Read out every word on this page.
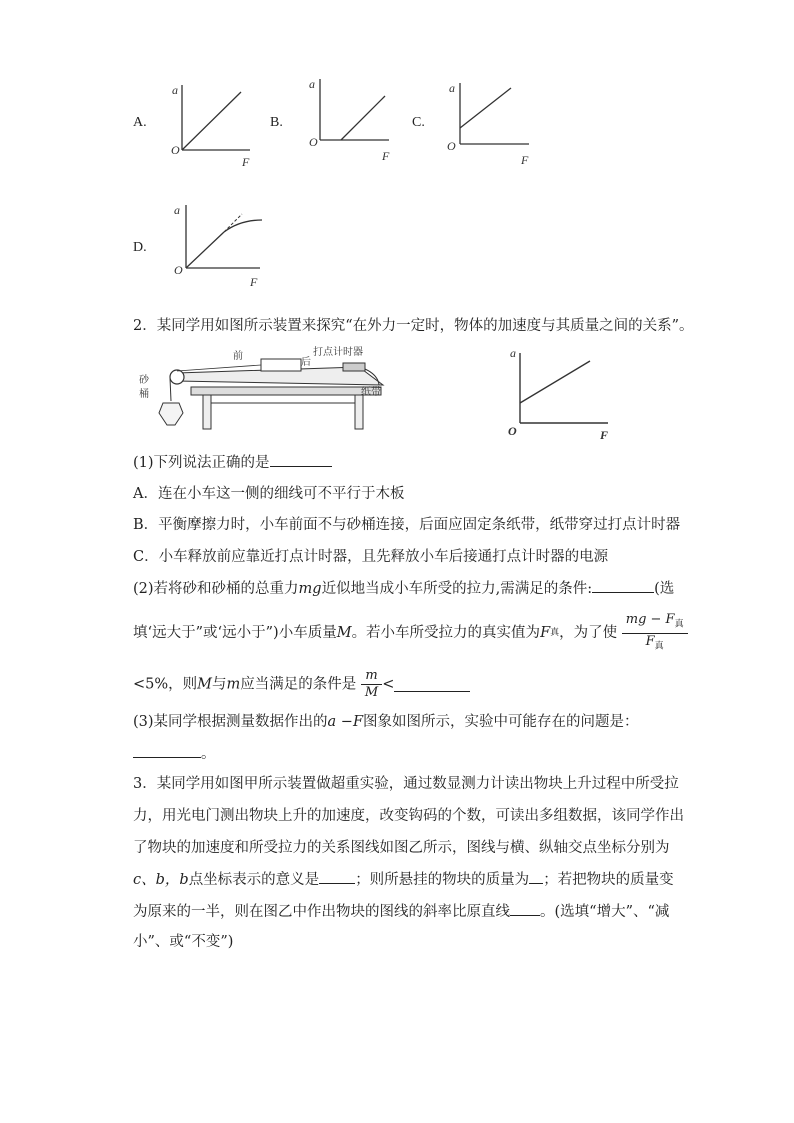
A.
a
O
F
B.
a
O
F
C.
a
O
F
D.
a
O
F
2．某同学用如图所示装置来探究“在外力一定时，物体的加速度与其质量之间的关系”。
前
后
打点计时器
纸带
砂
桶
a
O	F
(1)下列说法正确的是
A．连在小车这一侧的细线可不平行于木板
B．平衡摩擦力时，小车前面不与砂桶连接，后面应固定条纸带，纸带穿过打点计时器
C．小车释放前应靠近打点计时器，且先释放小车后接通打点计时器的电源
(2)若将砂和砂桶的总重力mg近似地当成小车所受的拉力,需满足的条件:	(选
填‘远大于”或‘远小于”)小车质量M。若小车所受拉力的真实值为F真，为了使 $\frac{mg - F_真}{F_真}$
<5%，则M与m应当满足的条件是 $\frac{m}{M}$ <
(3)某同学根据测量数据作出的a −F图象如图所示，实验中可能存在的问题是：
。
3．某同学用如图甲所示装置做超重实验，通过数显测力计读出物块上升过程中所受拉
力，用光电门测出物块上升的加速度，改变钩码的个数，可读出多组数据，该同学作出
了物块的加速度和所受拉力的关系图线如图乙所示，图线与横、纵轴交点坐标分别为
c、b，b点坐标表示的意义是 ；则所悬挂的物块的质量为 ；若把物块的质量变
为原来的一半，则在图乙中作出物块的图线的斜率比原直线 。(选填“增大”、“减
小”、或“不变”)
